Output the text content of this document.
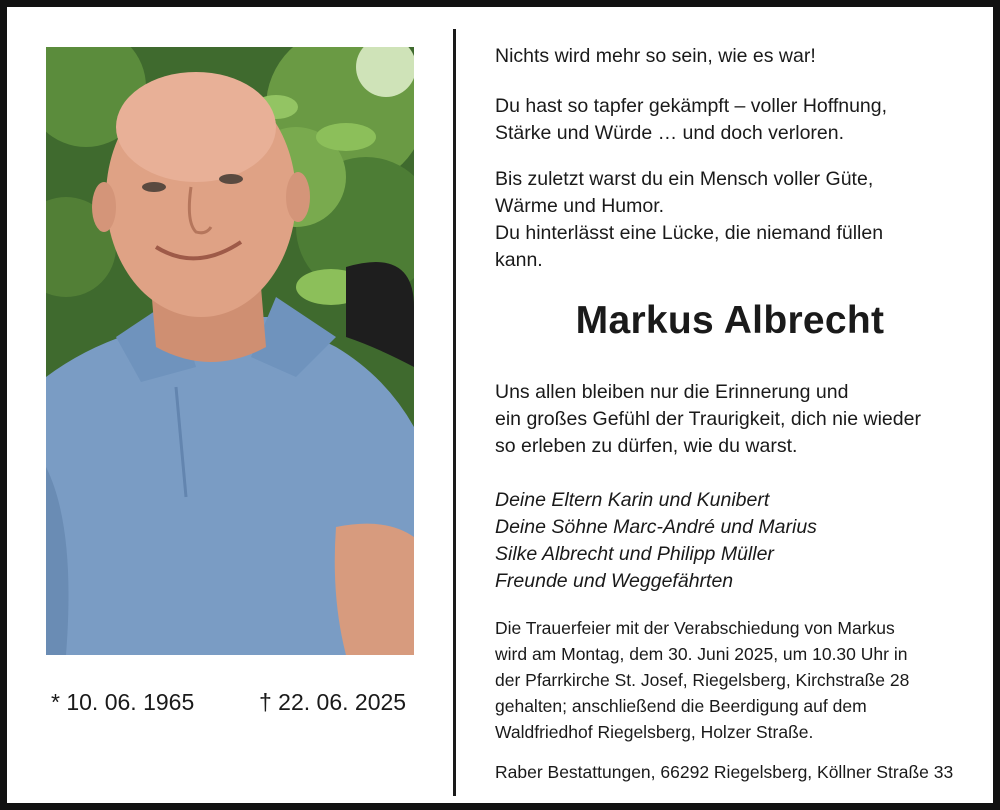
* 10. 06. 1965	† 22. 06. 2025

Nichts wird mehr so sein, wie es war!

Du hast so tapfer gekämpft – voller Hoffnung,
Stärke und Würde … und doch verloren.

Bis zuletzt warst du ein Mensch voller Güte,
Wärme und Humor.
Du hinterlässt eine Lücke, die niemand füllen
kann.

Markus Albrecht

Uns allen bleiben nur die Erinnerung und
ein großes Gefühl der Traurigkeit, dich nie wieder
so erleben zu dürfen, wie du warst.

Deine Eltern Karin und Kunibert
Deine Söhne Marc-André und Marius
Silke Albrecht und Philipp Müller
Freunde und Weggefährten

Die Trauerfeier mit der Verabschiedung von Markus
wird am Montag, dem 30. Juni 2025, um 10.30 Uhr in
der Pfarrkirche St. Josef, Riegelsberg, Kirchstraße 28
gehalten; anschließend die Beerdigung auf dem
Waldfriedhof Riegelsberg, Holzer Straße.

Raber Bestattungen, 66292 Riegelsberg, Köllner Straße 33
